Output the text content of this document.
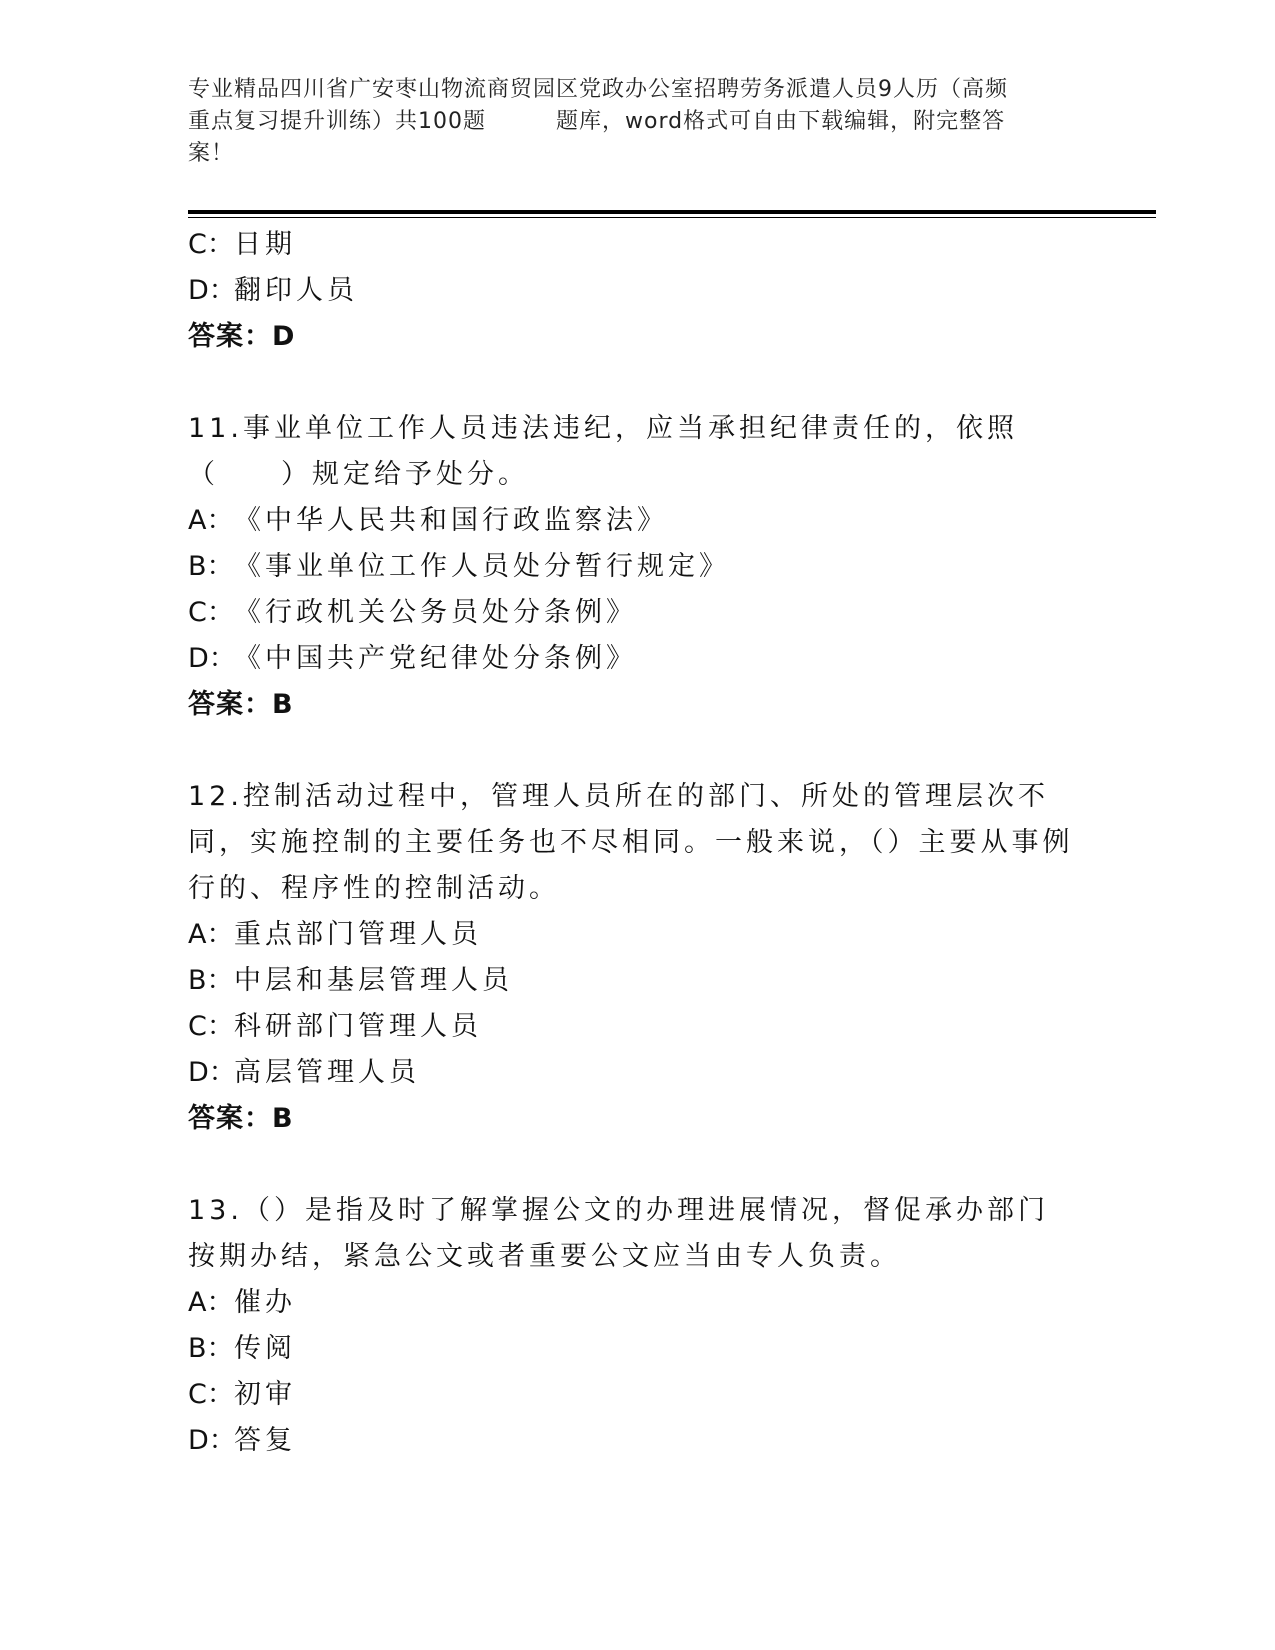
专业精品四川省广安枣山物流商贸园区党政办公室招聘劳务派遣人员9人历（高频
重点复习提升训练）共100题	题库，word格式可自由下载编辑，附完整答
案！
C：日期
D：翻印人员
答案：D
11.事业单位工作人员违法违纪，应当承担纪律责任的，依照（　　）规定给予处分。
A：《中华人民共和国行政监察法》
B：《事业单位工作人员处分暂行规定》
C：《行政机关公务员处分条例》
D：《中国共产党纪律处分条例》
答案：B
12.控制活动过程中，管理人员所在的部门、所处的管理层次不同，实施控制的主要任务也不尽相同。一般来说，（）主要从事例行的、程序性的控制活动。
A：重点部门管理人员
B：中层和基层管理人员
C：科研部门管理人员
D：高层管理人员
答案：B
13.（）是指及时了解掌握公文的办理进展情况，督促承办部门按期办结，紧急公文或者重要公文应当由专人负责。
A：催办
B：传阅
C：初审
D：答复
